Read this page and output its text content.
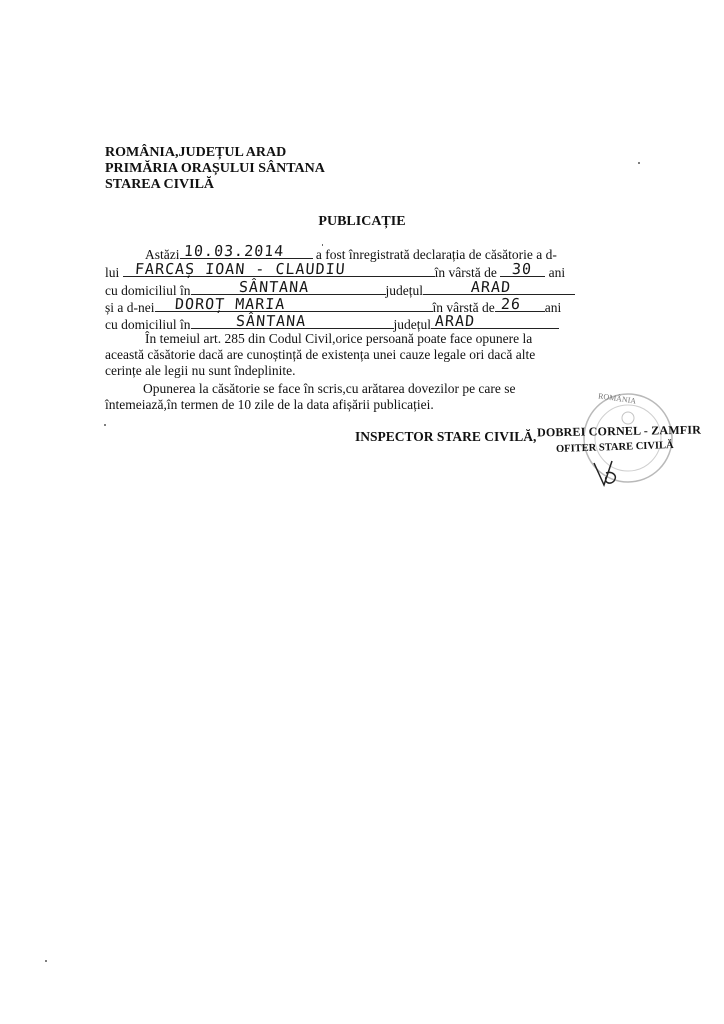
ROMÂNIA,JUDEȚUL ARAD
PRIMĂRIA ORAȘULUI SÂNTANA
STAREA CIVILĂ
PUBLICAȚIE
Astăzi 10.03.2014 a fost înregistrată declarația de căsătorie a d-
lui FARCAȘ IOAN - CLAUDIU	în vârstă de 30 ani
cu domiciliul în	SÂNTANA	județul	ARAD
și a d-nei DOROȚ MARIA	în vârstă de 26 ani
cu domiciliul în	SÂNTANA	județul ARAD
În temeiul art. 285 din Codul Civil,orice persoană poate face opunere la această căsătorie dacă are cunoștință de existența unei cauze legale ori dacă alte cerințe ale legii nu sunt îndeplinite.
Opunerea la căsătorie se face în scris,cu arătarea dovezilor pe care se întemeiază,în termen de 10 zile de la data afișării publicației.
INSPECTOR STARE CIVILĂ,
ROMÂNIA
DOBREI CORNEL - ZAMFIR
OFITER STARE CIVILĂ
